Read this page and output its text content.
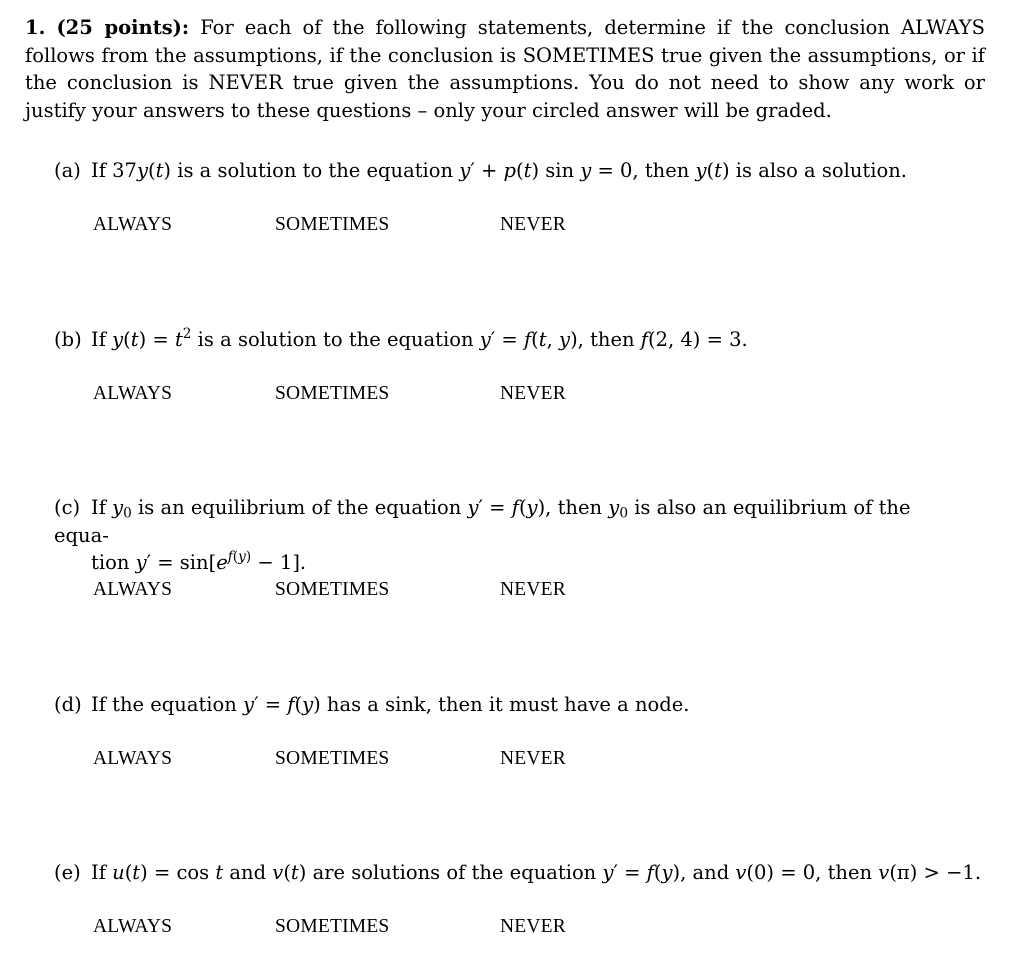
1. (25 points): For each of the following statements, determine if the conclusion ALWAYS follows from the assumptions, if the conclusion is SOMETIMES true given the assumptions, or if the conclusion is NEVER true given the assumptions. You do not need to show any work or justify your answers to these questions – only your circled answer will be graded.
(a) If 37y(t) is a solution to the equation y′ + p(t) sin y = 0, then y(t) is also a solution.
ALWAYS	SOMETIMES	NEVER
(b) If $y(t) = t^2$ is a solution to the equation y′ = f(t, y), then f(2, 4) = 3.
ALWAYS	SOMETIMES	NEVER
(c) If $y_0$ is an equilibrium of the equation y′ = f(y), then $y_0$ is also an equilibrium of the equa-
tion $y' = \sin[e^{f(y)} - 1]$.
ALWAYS	SOMETIMES	NEVER
(d) If the equation y′ = f(y) has a sink, then it must have a node.
ALWAYS	SOMETIMES	NEVER
(e) If u(t) = cos t and v(t) are solutions of the equation y′ = f(y), and v(0) = 0, then v(π) > −1.
ALWAYS	SOMETIMES	NEVER
